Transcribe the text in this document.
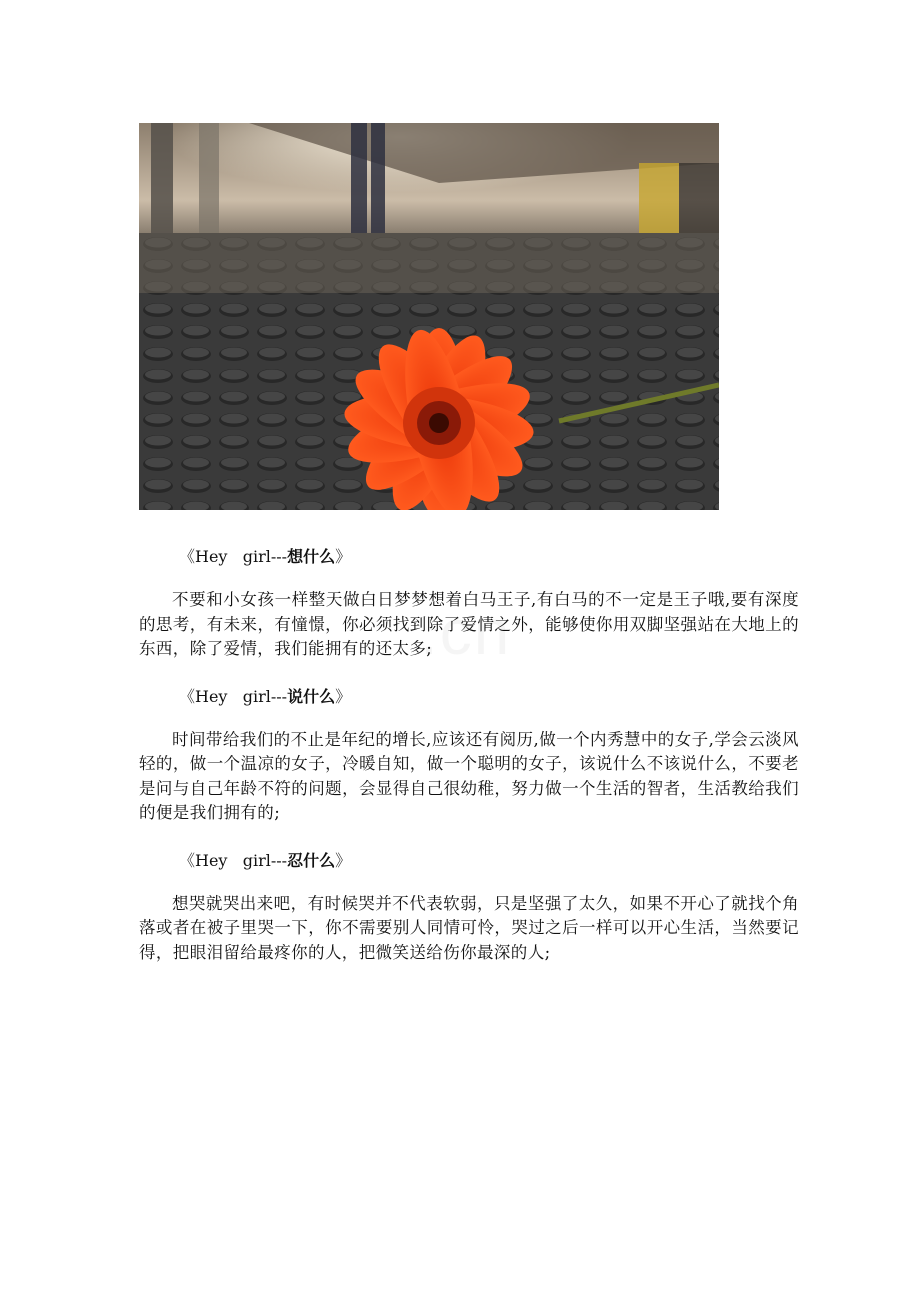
《Hey   girl---想什么》

不要和小女孩一样整天做白日梦梦想着白马王子,有白马的不一定是王子哦,要有深度的思考，有未来，有憧憬，你必须找到除了爱情之外，能够使你用双脚坚强站在大地上的东西，除了爱情，我们能拥有的还太多;

《Hey   girl---说什么》

时间带给我们的不止是年纪的增长,应该还有阅历,做一个内秀慧中的女子,学会云淡风轻的，做一个温凉的女子，冷暖自知，做一个聪明的女子，该说什么不该说什么，不要老是问与自己年龄不符的问题，会显得自己很幼稚，努力做一个生活的智者，生活教给我们的便是我们拥有的;

《Hey   girl---忍什么》

想哭就哭出来吧，有时候哭并不代表软弱，只是坚强了太久，如果不开心了就找个角落或者在被子里哭一下，你不需要别人同情可怜，哭过之后一样可以开心生活，当然要记得，把眼泪留给最疼你的人，把微笑送给伤你最深的人;
